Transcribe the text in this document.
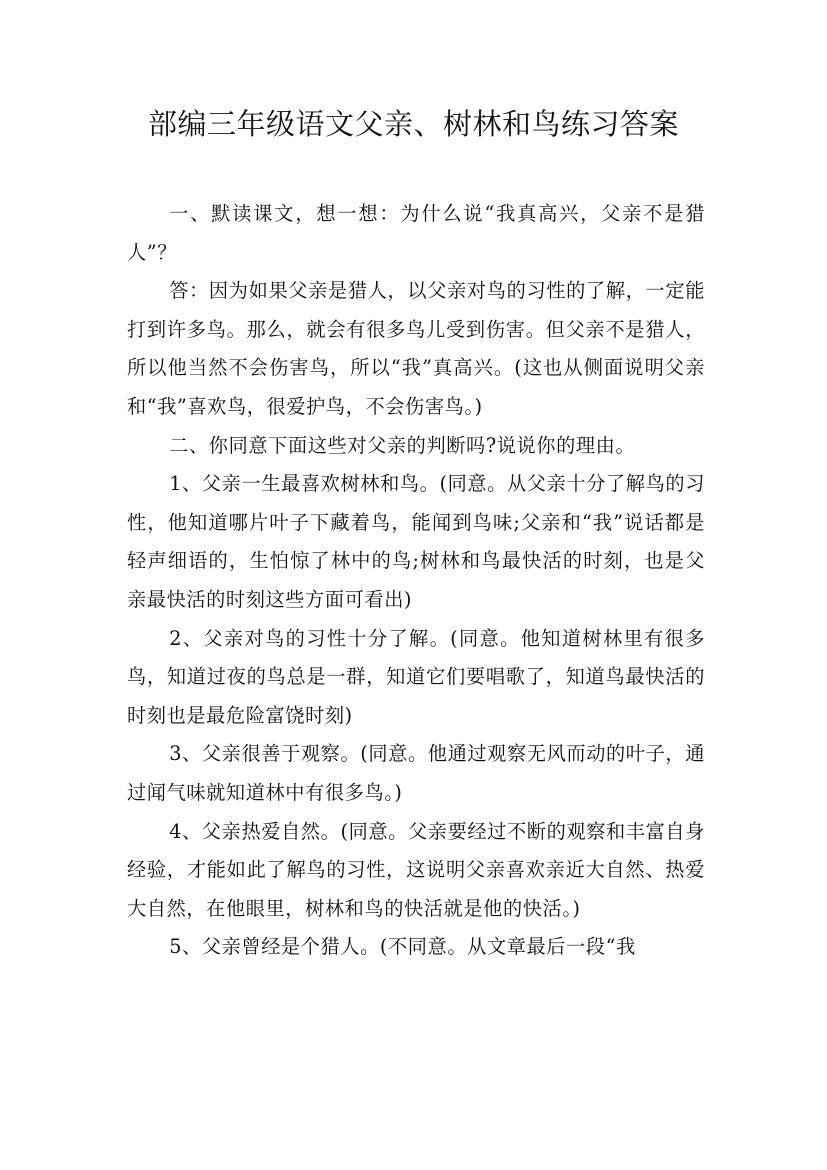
部编三年级语文父亲、树林和鸟练习答案

一、默读课文，想一想：为什么说“我真高兴，父亲不是猎人”？

答：因为如果父亲是猎人，以父亲对鸟的习性的了解，一定能打到许多鸟。那么，就会有很多鸟儿受到伤害。但父亲不是猎人，所以他当然不会伤害鸟，所以“我”真高兴。(这也从侧面说明父亲和“我”喜欢鸟，很爱护鸟，不会伤害鸟。)

二、你同意下面这些对父亲的判断吗?说说你的理由。

1、父亲一生最喜欢树林和鸟。(同意。从父亲十分了解鸟的习性，他知道哪片叶子下藏着鸟，能闻到鸟味;父亲和“我”说话都是轻声细语的，生怕惊了林中的鸟;树林和鸟最快活的时刻，也是父亲最快活的时刻这些方面可看出)

2、父亲对鸟的习性十分了解。(同意。他知道树林里有很多鸟，知道过夜的鸟总是一群，知道它们要唱歌了，知道鸟最快活的时刻也是最危险富饶时刻)

3、父亲很善于观察。(同意。他通过观察无风而动的叶子，通过闻气味就知道林中有很多鸟。)

4、父亲热爱自然。(同意。父亲要经过不断的观察和丰富自身经验，才能如此了解鸟的习性，这说明父亲喜欢亲近大自然、热爱大自然，在他眼里，树林和鸟的快活就是他的快活。)

5、父亲曾经是个猎人。(不同意。从文章最后一段“我
